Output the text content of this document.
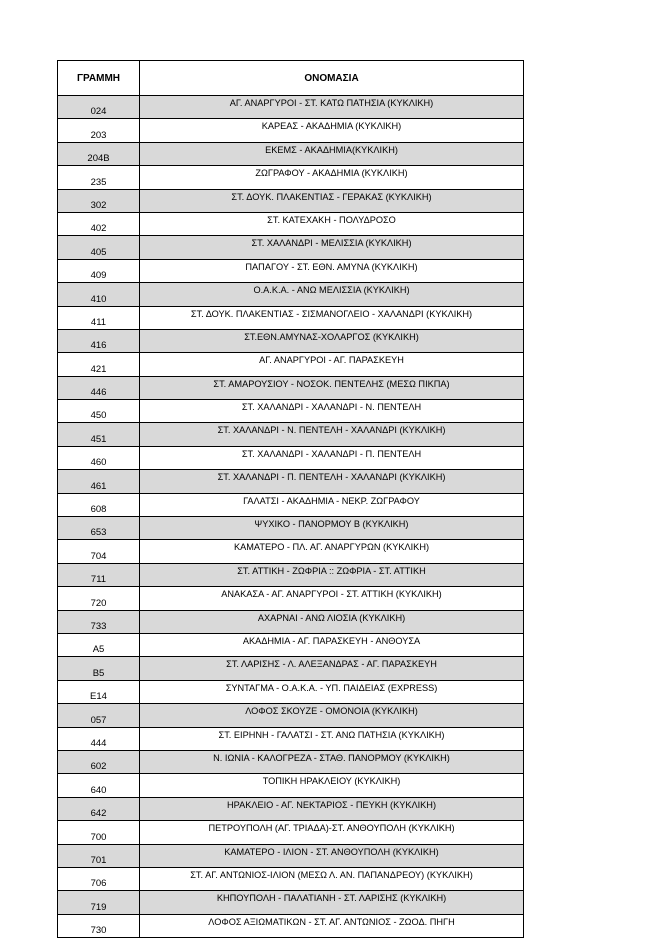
ΓΡΑΜΜΗ	ΟΝΟΜΑΣΙΑ
024	ΑΓ. ΑΝΑΡΓΥΡΟΙ - ΣΤ. ΚΑΤΩ ΠΑΤΗΣΙΑ (ΚΥΚΛΙΚΗ)
203	ΚΑΡΕΑΣ - ΑΚΑΔΗΜΙΑ (ΚΥΚΛΙΚΗ)
204Β	ΕΚΕΜΣ - ΑΚΑΔΗΜΙΑ(ΚΥΚΛΙΚΗ)
235	ΖΩΓΡΑΦΟΥ - ΑΚΑΔΗΜΙΑ (ΚΥΚΛΙΚΗ)
302	ΣΤ. ΔΟΥΚ. ΠΛΑΚΕΝΤΙΑΣ - ΓΕΡΑΚΑΣ (ΚΥΚΛΙΚΗ)
402	ΣΤ. ΚΑΤΕΧΑΚΗ - ΠΟΛΥΔΡΟΣΟ
405	ΣΤ. ΧΑΛΑΝΔΡΙ - ΜΕΛΙΣΣΙΑ (ΚΥΚΛΙΚΗ)
409	ΠΑΠΑΓΟΥ - ΣΤ. ΕΘΝ. ΑΜΥΝΑ (ΚΥΚΛΙΚΗ)
410	Ο.Α.Κ.Α. - ΑΝΩ ΜΕΛΙΣΣΙΑ (ΚΥΚΛΙΚΗ)
411	ΣΤ. ΔΟΥΚ. ΠΛΑΚΕΝΤΙΑΣ - ΣΙΣΜΑΝΟΓΛΕΙΟ - ΧΑΛΑΝΔΡΙ (ΚΥΚΛΙΚΗ)
416	ΣΤ.ΕΘΝ.ΑΜΥΝΑΣ-ΧΟΛΑΡΓΟΣ (ΚΥΚΛΙΚΗ)
421	ΑΓ. ΑΝΑΡΓΥΡΟΙ - ΑΓ. ΠΑΡΑΣΚΕΥΗ
446	ΣΤ. ΑΜΑΡΟΥΣΙΟΥ - ΝΟΣΟΚ. ΠΕΝΤΕΛΗΣ (ΜΕΣΩ ΠΙΚΠΑ)
450	ΣΤ. ΧΑΛΑΝΔΡΙ - ΧΑΛΑΝΔΡΙ - Ν. ΠΕΝΤΕΛΗ
451	ΣΤ. ΧΑΛΑΝΔΡΙ - Ν. ΠΕΝΤΕΛΗ - ΧΑΛΑΝΔΡΙ (ΚΥΚΛΙΚΗ)
460	ΣΤ. ΧΑΛΑΝΔΡΙ - ΧΑΛΑΝΔΡΙ - Π. ΠΕΝΤΕΛΗ
461	ΣΤ. ΧΑΛΑΝΔΡΙ - Π. ΠΕΝΤΕΛΗ - ΧΑΛΑΝΔΡΙ (ΚΥΚΛΙΚΗ)
608	ΓΑΛΑΤΣΙ - ΑΚΑΔΗΜΙΑ - ΝΕΚΡ. ΖΩΓΡΑΦΟΥ
653	ΨΥΧΙΚΟ - ΠΑΝΟΡΜΟΥ Β (ΚΥΚΛΙΚΗ)
704	ΚΑΜΑΤΕΡΟ - ΠΛ. ΑΓ. ΑΝΑΡΓΥΡΩΝ (ΚΥΚΛΙΚΗ)
711	ΣΤ. ΑΤΤΙΚΗ - ΖΩΦΡΙΑ :: ΖΩΦΡΙΑ - ΣΤ. ΑΤΤΙΚΗ
720	ΑΝΑΚΑΣΑ - ΑΓ. ΑΝΑΡΓΥΡΟΙ - ΣΤ. ΑΤΤΙΚΗ (ΚΥΚΛΙΚΗ)
733	ΑΧΑΡΝΑΙ - ΑΝΩ ΛΙΟΣΙΑ (ΚΥΚΛΙΚΗ)
Α5	ΑΚΑΔΗΜΙΑ - ΑΓ. ΠΑΡΑΣΚΕΥΗ - ΑΝΘΟΥΣΑ
Β5	ΣΤ. ΛΑΡΙΣΗΣ - Λ. ΑΛΕΞΑΝΔΡΑΣ - ΑΓ. ΠΑΡΑΣΚΕΥΗ
Ε14	ΣΥΝΤΑΓΜΑ - Ο.Α.Κ.Α. - ΥΠ. ΠΑΙΔΕΙΑΣ (EXPRESS)
057	ΛΟΦΟΣ ΣΚΟΥΖΕ - ΟΜΟΝΟΙΑ (ΚΥΚΛΙΚΗ)
444	ΣΤ. ΕΙΡΗΝΗ - ΓΑΛΑΤΣΙ - ΣΤ. ΑΝΩ ΠΑΤΗΣΙΑ (ΚΥΚΛΙΚΗ)
602	Ν. ΙΩΝΙΑ - ΚΑΛΟΓΡΕΖΑ - ΣΤΑΘ. ΠΑΝΟΡΜΟΥ (ΚΥΚΛΙΚΗ)
640	ΤΟΠΙΚΗ ΗΡΑΚΛΕΙΟΥ (ΚΥΚΛΙΚΗ)
642	ΗΡΑΚΛΕΙΟ - ΑΓ. ΝΕΚΤΑΡΙΟΣ - ΠΕΥΚΗ (ΚΥΚΛΙΚΗ)
700	ΠΕΤΡΟΥΠΟΛΗ (ΑΓ. ΤΡΙΑΔΑ)-ΣΤ. ΑΝΘΟΥΠΟΛΗ (ΚΥΚΛΙΚΗ)
701	ΚΑΜΑΤΕΡΟ - ΙΛΙΟΝ - ΣΤ. ΑΝΘΟΥΠΟΛΗ (ΚΥΚΛΙΚΗ)
706	ΣΤ. ΑΓ. ΑΝΤΩΝΙΟΣ-ΙΛΙΟΝ (ΜΕΣΩ Λ. ΑΝ. ΠΑΠΑΝΔΡΕΟΥ) (ΚΥΚΛΙΚΗ)
719	ΚΗΠΟΥΠΟΛΗ - ΠΑΛΑΤΙΑΝΗ - ΣΤ. ΛΑΡΙΣΗΣ (ΚΥΚΛΙΚΗ)
730	ΛΟΦΟΣ ΑΞΙΩΜΑΤΙΚΩΝ - ΣΤ. ΑΓ. ΑΝΤΩΝΙΟΣ - ΖΩΟΔ. ΠΗΓΗ
